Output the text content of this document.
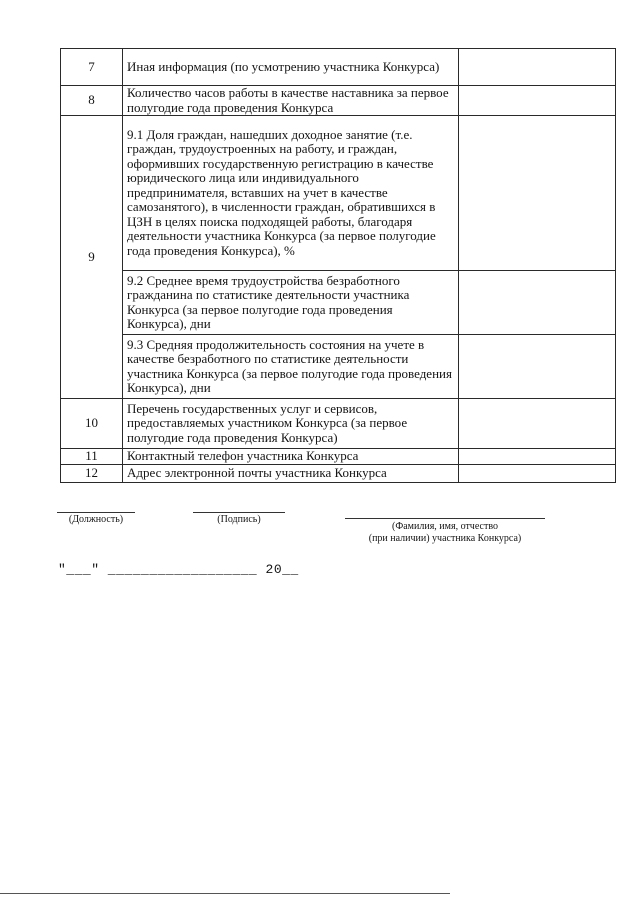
7	Иная информация (по усмотрению участника Конкурса)	
8	Количество часов работы в качестве наставника за первое полугодие года проведения Конкурса	
9	9.1 Доля граждан, нашедших доходное занятие (т.е. граждан, трудоустроенных на работу, и граждан, оформивших государственную регистрацию в качестве юридического лица или индивидуального предпринимателя, вставших на учет в качестве самозанятого), в численности граждан, обратившихся в ЦЗН в целях поиска подходящей работы, благодаря деятельности участника Конкурса (за первое полугодие года проведения Конкурса), %	
	9.2 Среднее время трудоустройства безработного гражданина по статистике деятельности участника Конкурса (за первое полугодие года проведения Конкурса), дни	
	9.3 Средняя продолжительность состояния на учете в качестве безработного по статистике деятельности участника Конкурса (за первое полугодие года проведения Конкурса), дни	
10	Перечень государственных услуг и сервисов, предоставляемых участником Конкурса (за первое полугодие года проведения Конкурса)	
11	Контактный телефон участника Конкурса	
12	Адрес электронной почты участника Конкурса	
(Должность)	(Подпись)
(Фамилия, имя, отчество
(при наличии) участника Конкурса)
"___" __________________ 20__
